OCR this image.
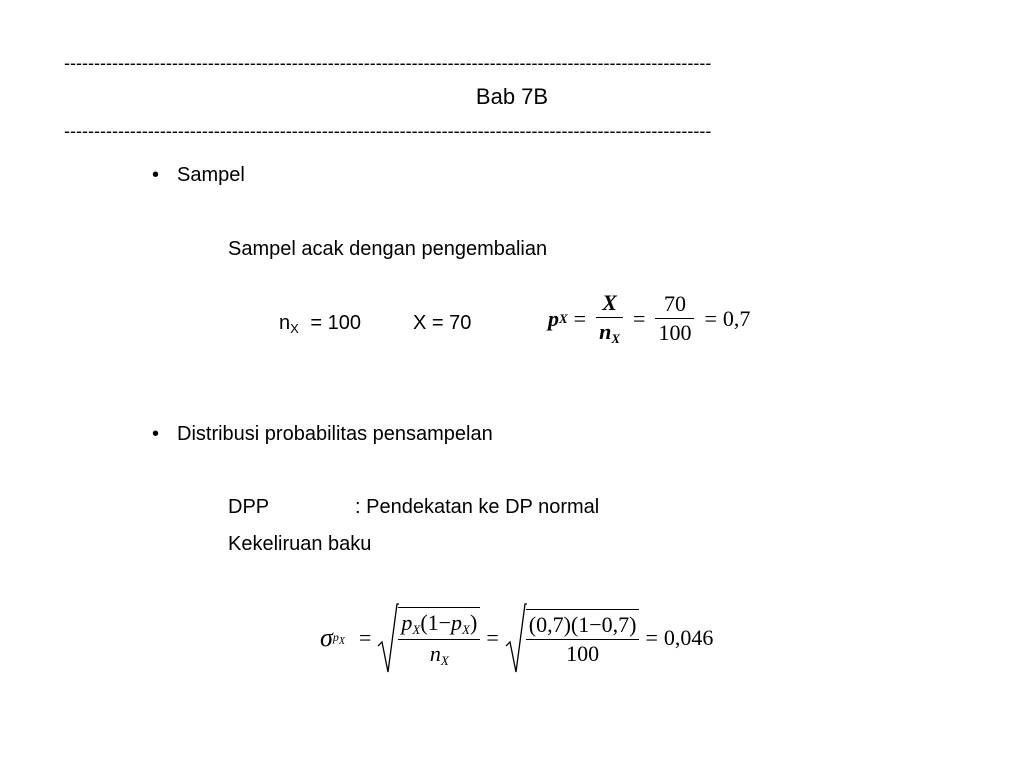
------------------------------------------------------------------------------------------------------------
Bab 7B
------------------------------------------------------------------------------------------------------------
• Sampel
Sampel acak dengan pengembalian
$n_X = 100$	X = 70	p $X = \frac{X}{n_X} = \frac{70}{100} = 0,7$
• Distribusi probabilitas pensampelan
DPP	: Pendekatan ke DP normal
Kekeliruan baku
σ $p_X = \frac{p_X(1-p_X)}{n_X} = \frac{(0,7)(1-0,7)}{100} = 0,046$
